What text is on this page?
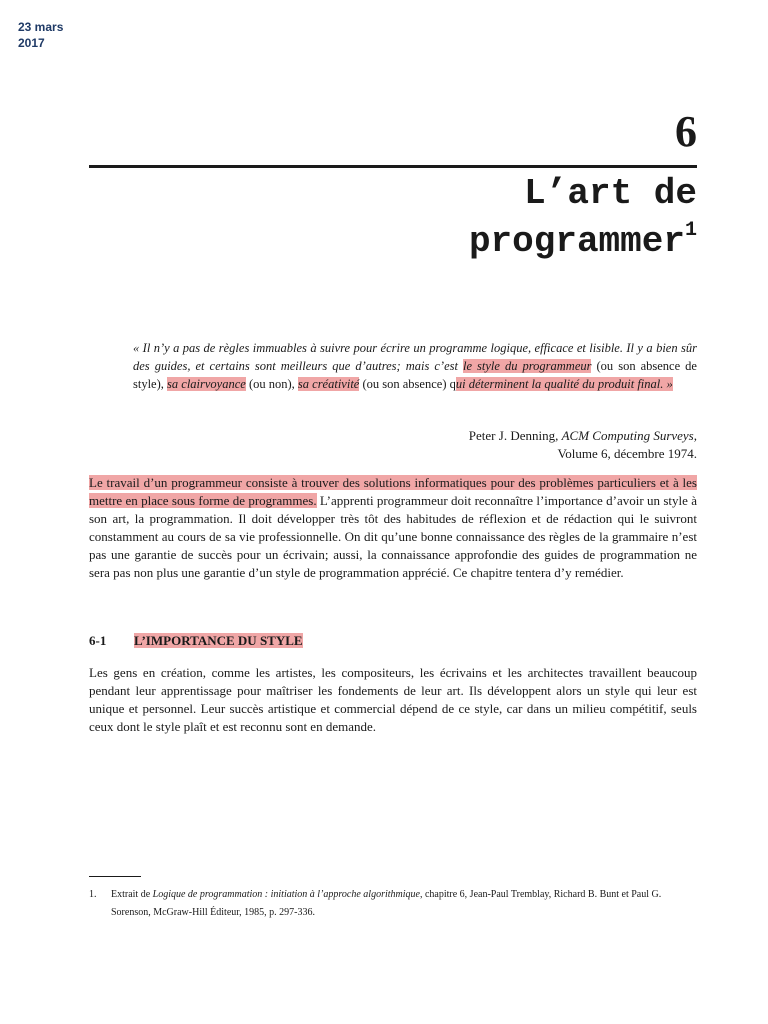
23 mars 2017
6
L’art de
programmer$^1$
« Il n’y a pas de règles immuables à suivre pour écrire un programme logique, efficace et lisible. Il y a bien sûr des guides, et certains sont meilleurs que d’autres; mais c’est le style du programmeur (ou son absence de style), sa clairvoyance (ou non), sa créativité (ou son absence) qui déterminent la qualité du produit final. »
Peter J. Denning, ACM Computing Surveys,
Volume 6, décembre 1974.
Le travail d’un programmeur consiste à trouver des solutions informatiques pour des problèmes particuliers et à les mettre en place sous forme de programmes. L’apprenti programmeur doit reconnaître l’importance d’avoir un style à son art, la programmation. Il doit développer très tôt des habitudes de réflexion et de rédaction qui le suivront constamment au cours de sa vie professionnelle. On dit qu’une bonne connaissance des règles de la grammaire n’est pas une garantie de succès pour un écrivain; aussi, la connaissance approfondie des guides de programmation ne sera pas non plus une garantie d’un style de programmation apprécié. Ce chapitre tentera d’y remédier.
6-1 L’IMPORTANCE DU STYLE
Les gens en création, comme les artistes, les compositeurs, les écrivains et les architectes travaillent beaucoup pendant leur apprentissage pour maîtriser les fondements de leur art. Ils développent alors un style qui leur est unique et personnel. Leur succès artistique et commercial dépend de ce style, car dans un milieu compétitif, seuls ceux dont le style plaît et est reconnu sont en demande.
1. Extrait de Logique de programmation : initiation à l’approche algorithmique, chapitre 6, Jean-Paul Tremblay, Richard B. Bunt et Paul G. Sorenson, McGraw-Hill Éditeur, 1985, p. 297-336.
